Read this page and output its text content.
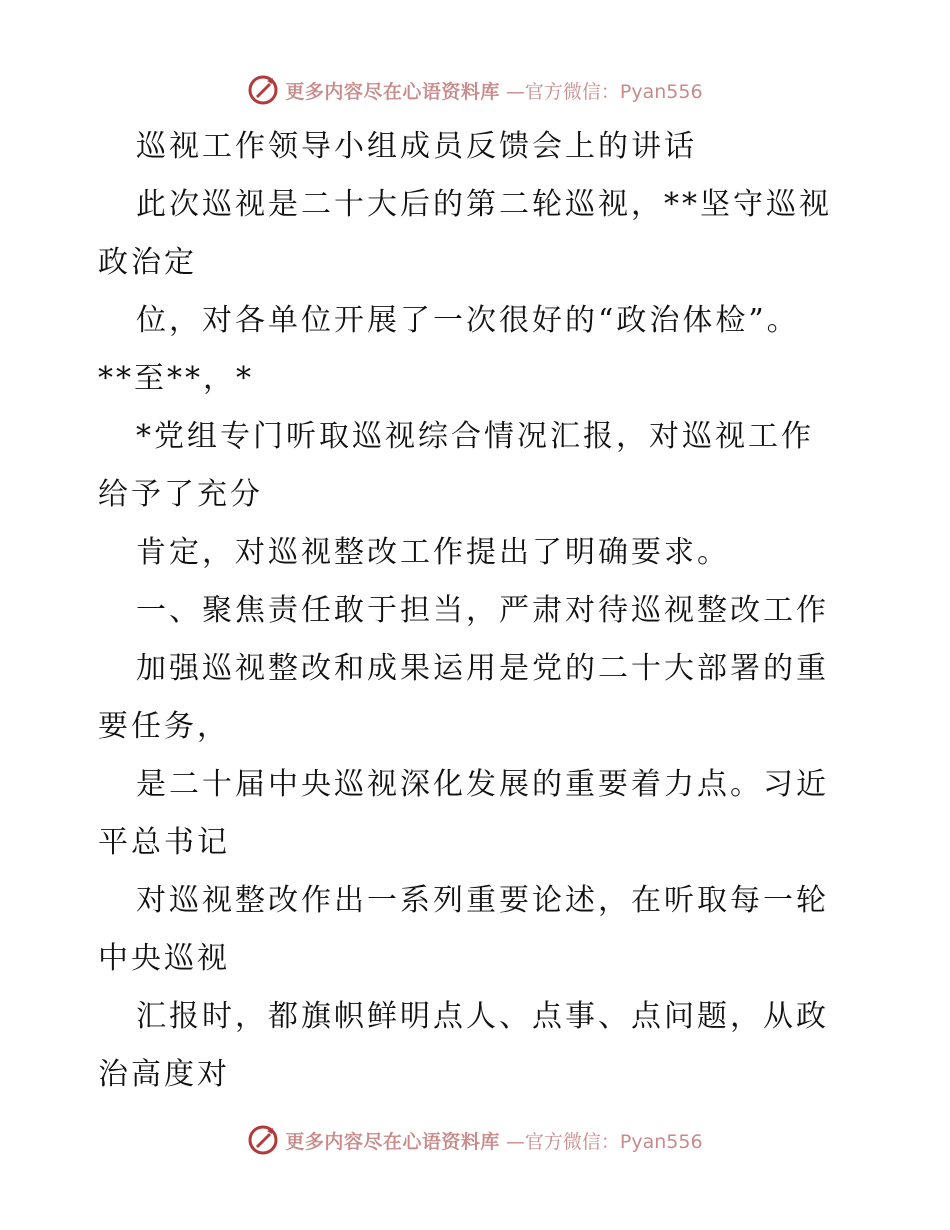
更多内容尽在心语资料库 —官方微信：Pyan556
巡视工作领导小组成员反馈会上的讲话
此次巡视是二十大后的第二轮巡视，**坚守巡视
政治定
位，对各单位开展了一次很好的“政治体检”。
**至**，*
*党组专门听取巡视综合情况汇报，对巡视工作
给予了充分
肯定，对巡视整改工作提出了明确要求。
一、聚焦责任敢于担当，严肃对待巡视整改工作
加强巡视整改和成果运用是党的二十大部署的重
要任务，
是二十届中央巡视深化发展的重要着力点。习近
平总书记
对巡视整改作出一系列重要论述，在听取每一轮
中央巡视
汇报时，都旗帜鲜明点人、点事、点问题，从政
治高度对
更多内容尽在心语资料库 —官方微信：Pyan556
